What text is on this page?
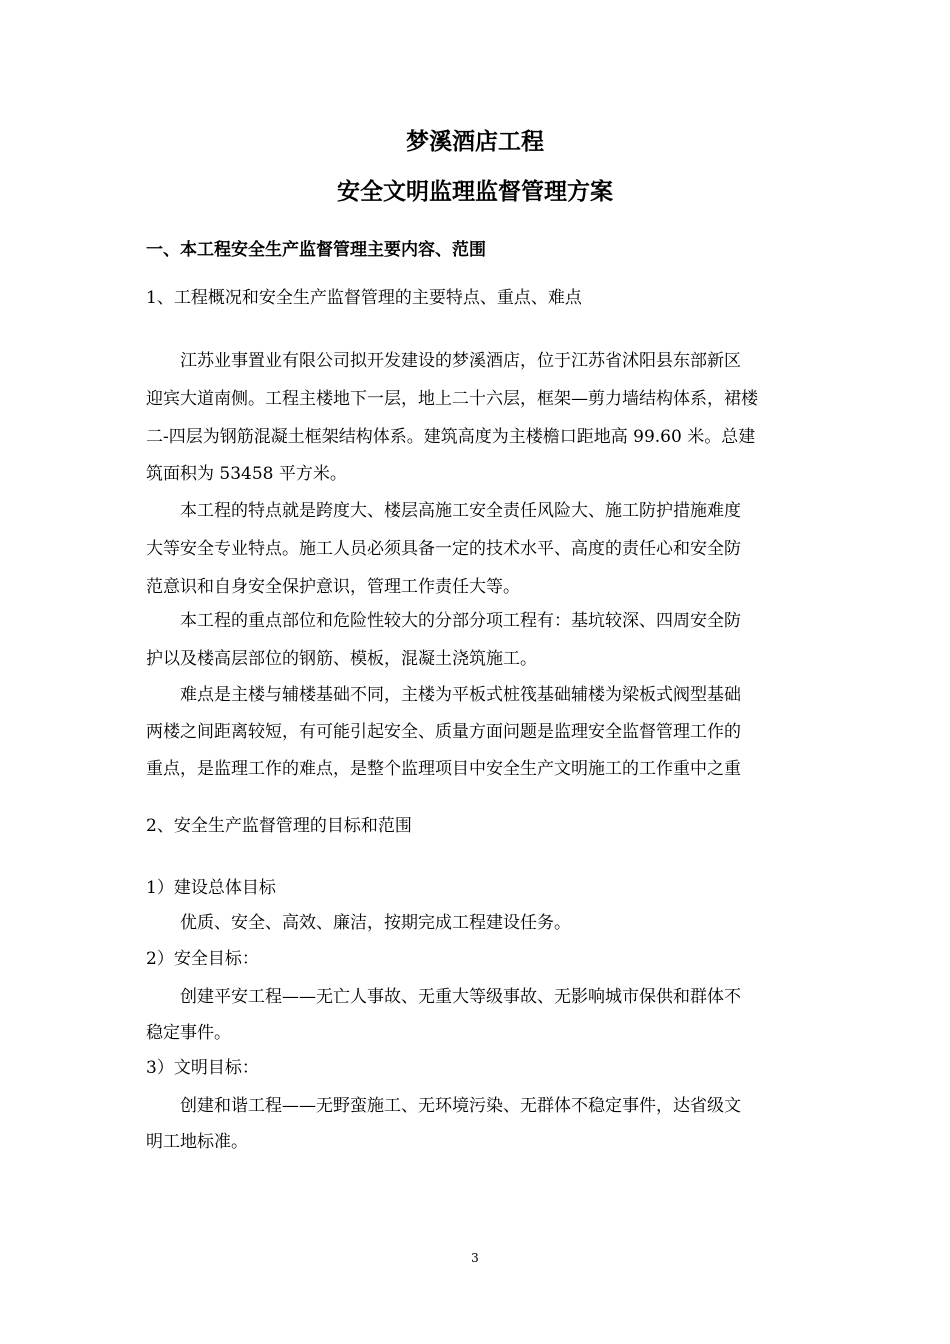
梦溪酒店工程
安全文明监理监督管理方案
一、本工程安全生产监督管理主要内容、范围
1、工程概况和安全生产监督管理的主要特点、重点、难点
江苏业事置业有限公司拟开发建设的梦溪酒店，位于江苏省沭阳县东部新区
迎宾大道南侧。工程主楼地下一层，地上二十六层，框架—剪力墙结构体系，裙楼
二-四层为钢筋混凝土框架结构体系。建筑高度为主楼檐口距地高 99.60 米。总建
筑面积为 53458 平方米。
本工程的特点就是跨度大、楼层高施工安全责任风险大、施工防护措施难度
大等安全专业特点。施工人员必须具备一定的技术水平、高度的责任心和安全防
范意识和自身安全保护意识，管理工作责任大等。
本工程的重点部位和危险性较大的分部分项工程有：基坑较深、四周安全防
护以及楼高层部位的钢筋、模板，混凝土浇筑施工。
难点是主楼与辅楼基础不同，主楼为平板式桩筏基础辅楼为梁板式阀型基础
两楼之间距离较短，有可能引起安全、质量方面问题是监理安全监督管理工作的
重点，是监理工作的难点，是整个监理项目中安全生产文明施工的工作重中之重
2、安全生产监督管理的目标和范围
1）建设总体目标
优质、安全、高效、廉洁，按期完成工程建设任务。
2）安全目标：
创建平安工程——无亡人事故、无重大等级事故、无影响城市保供和群体不
稳定事件。
3）文明目标：
创建和谐工程——无野蛮施工、无环境污染、无群体不稳定事件，达省级文
明工地标准。
3
